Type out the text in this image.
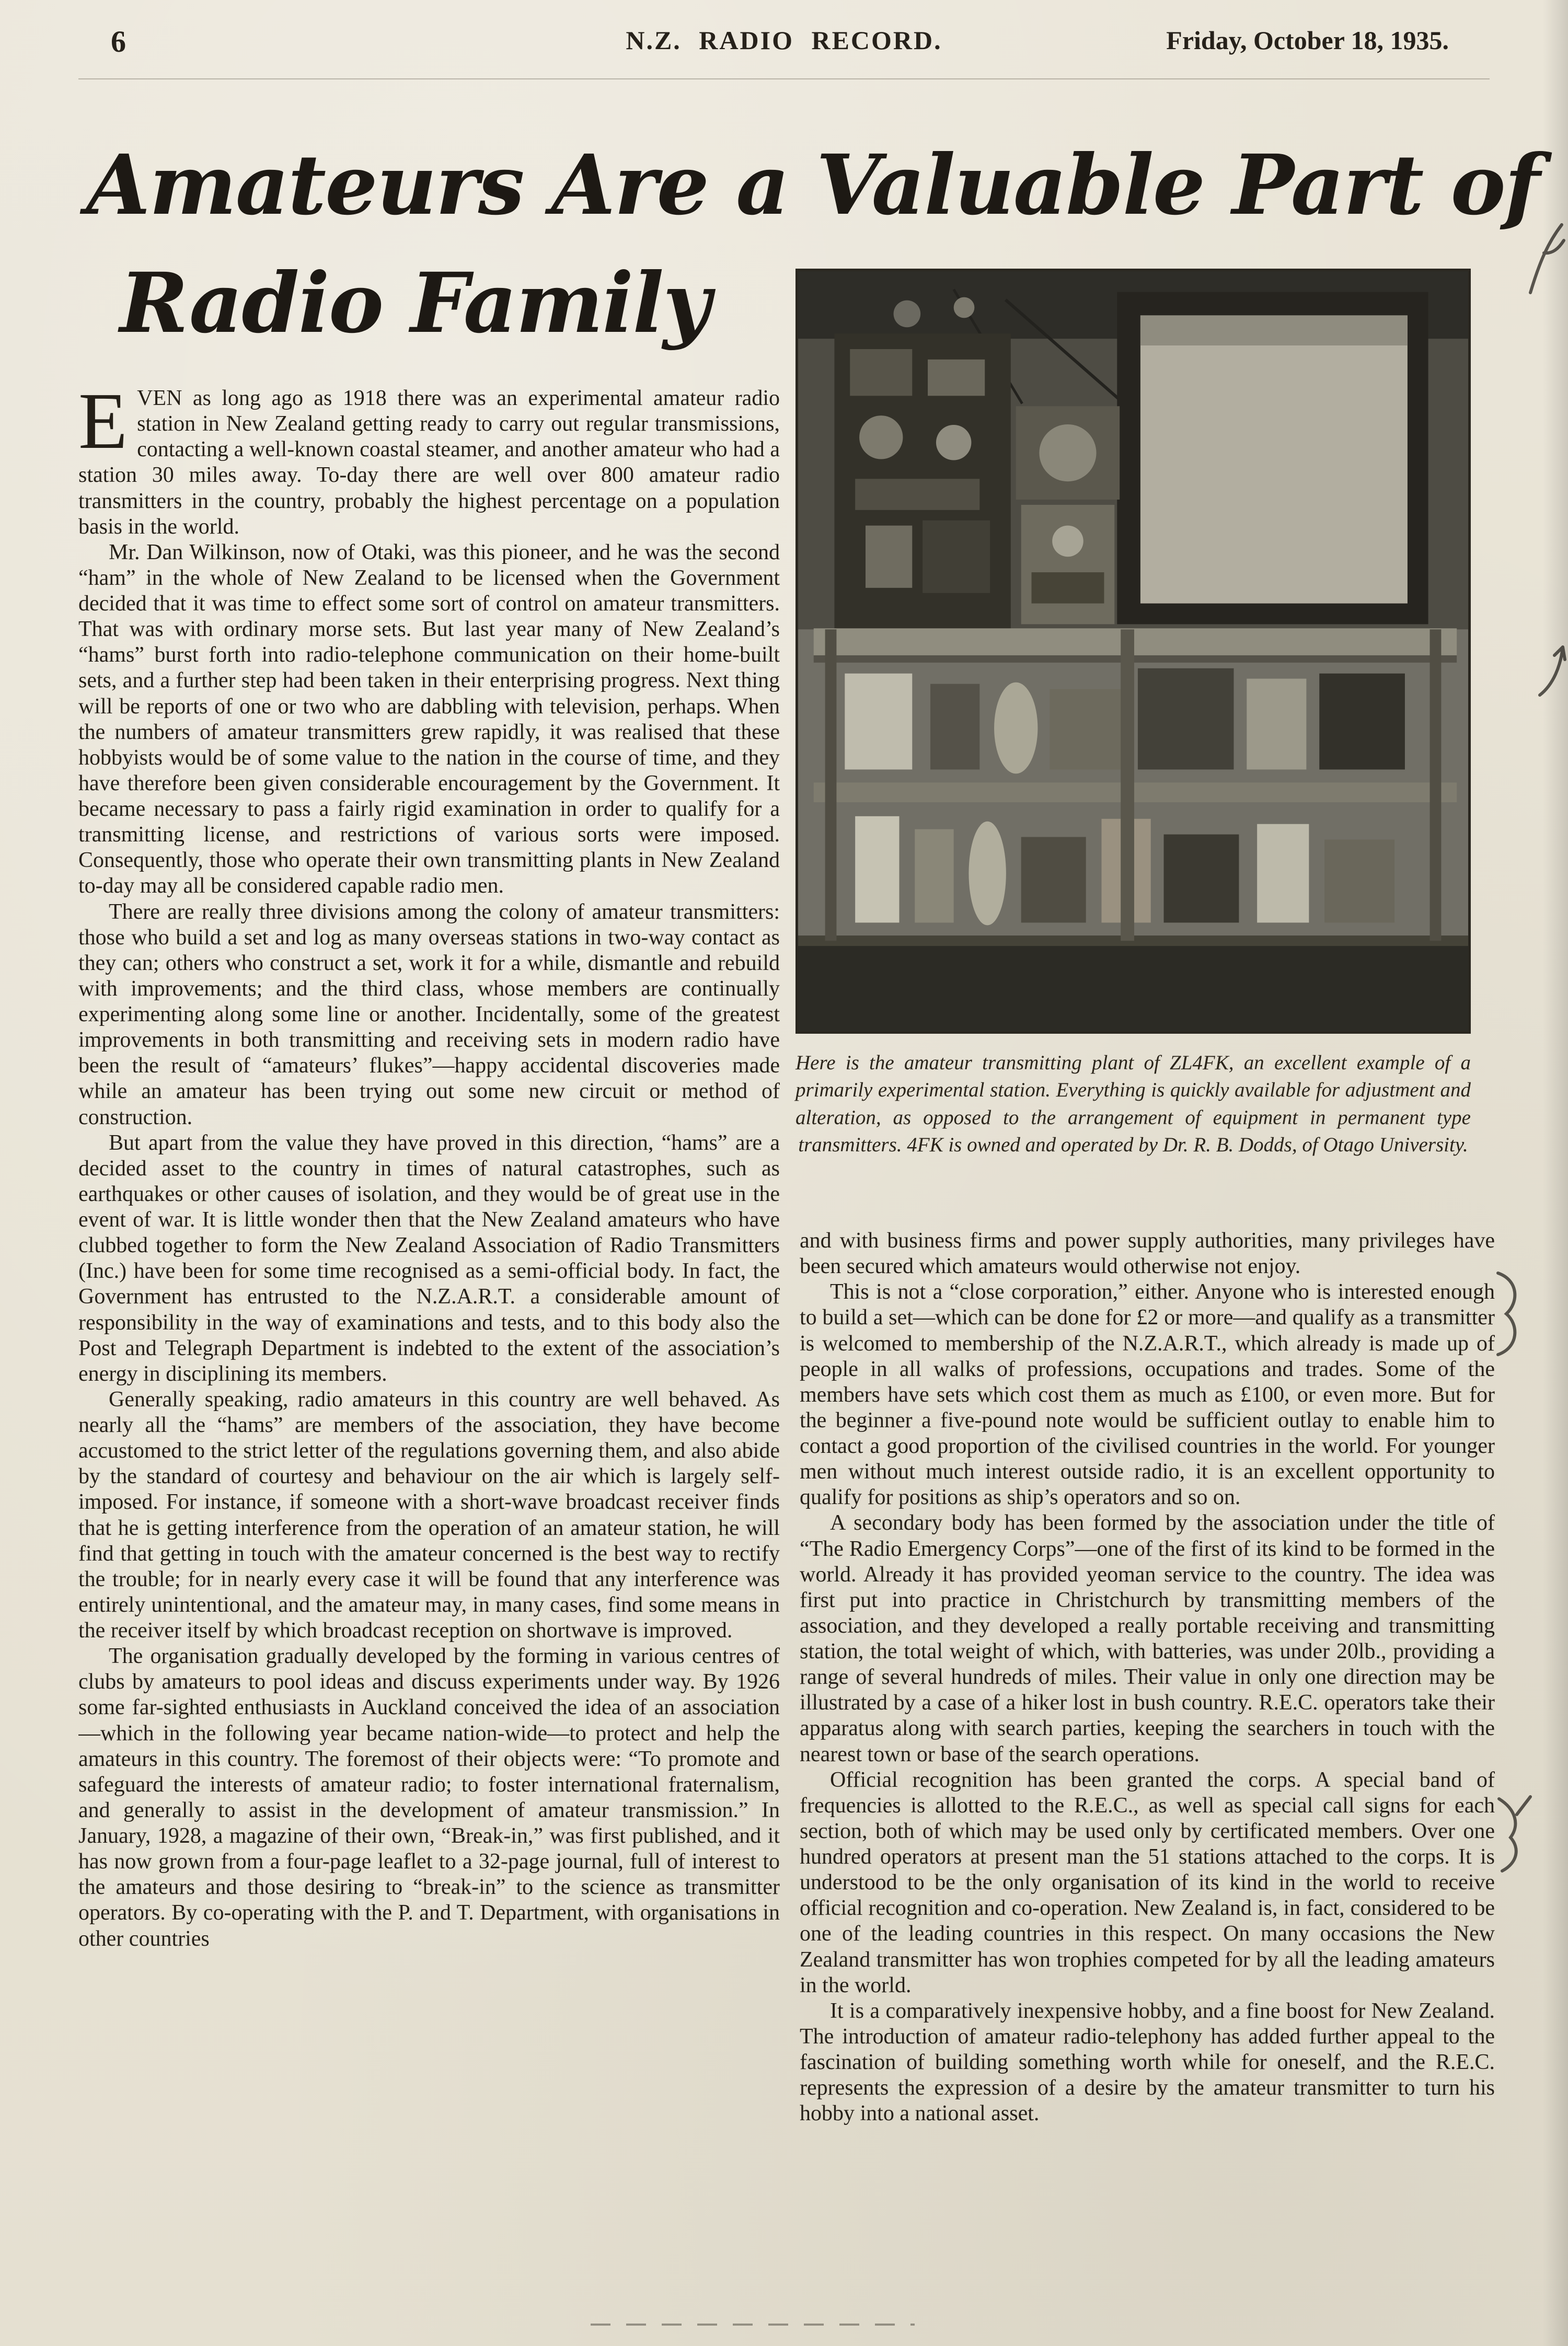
6	N.Z. RADIO RECORD.	Friday, October 18, 1935.
Amateurs Are a Valuable Part of
Radio Family
Here is the amateur transmitting plant of ZL4FK, an excellent example of a primarily experimental station. Everything is quickly available for adjustment and alteration, as opposed to the arrangement of equipment in permanent type transmitters. 4FK is owned and operated by Dr. R. B. Dodds, of Otago University.

EVEN as long ago as 1918 there was an experimental amateur radio station in New Zealand getting ready to carry out regular transmissions, contacting a well-known coastal steamer, and another amateur who had a station 30 miles away. To-day there are well over 800 amateur radio transmitters in the country, probably the highest percentage on a population basis in the world.

Mr. Dan Wilkinson, now of Otaki, was this pioneer, and he was the second “ham” in the whole of New Zealand to be licensed when the Government decided that it was time to effect some sort of control on amateur transmitters. That was with ordinary morse sets. But last year many of New Zealand’s “hams” burst forth into radio-telephone communication on their home-built sets, and a further step had been taken in their enterprising progress. Next thing will be reports of one or two who are dabbling with television, perhaps. When the numbers of amateur transmitters grew rapidly, it was realised that these hobbyists would be of some value to the nation in the course of time, and they have therefore been given considerable encouragement by the Government. It became necessary to pass a fairly rigid examination in order to qualify for a transmitting license, and restrictions of various sorts were imposed. Consequently, those who operate their own transmitting plants in New Zealand to-day may all be considered capable radio men.

There are really three divisions among the colony of amateur transmitters: those who build a set and log as many overseas stations in two-way contact as they can; others who construct a set, work it for a while, dismantle and rebuild with improvements; and the third class, whose members are continually experimenting along some line or another. Incidentally, some of the greatest improvements in both transmitting and receiving sets in modern radio have been the result of “amateurs’ flukes”—happy accidental discoveries made while an amateur has been trying out some new circuit or method of construction.

But apart from the value they have proved in this direction, “hams” are a decided asset to the country in times of natural catastrophes, such as earthquakes or other causes of isolation, and they would be of great use in the event of war. It is little wonder then that the New Zealand amateurs who have clubbed together to form the New Zealand Association of Radio Transmitters (Inc.) have been for some time recognised as a semi-official body. In fact, the Government has entrusted to the N.Z.A.R.T. a considerable amount of responsibility in the way of examinations and tests, and to this body also the Post and Telegraph Department is indebted to the extent of the association’s energy in disciplining its members.

Generally speaking, radio amateurs in this country are well behaved. As nearly all the “hams” are members of the association, they have become accustomed to the strict letter of the regulations governing them, and also abide by the standard of courtesy and behaviour on the air which is largely self-imposed. For instance, if someone with a short-wave broadcast receiver finds that he is getting interference from the operation of an amateur station, he will find that getting in touch with the amateur concerned is the best way to rectify the trouble; for in nearly every case it will be found that any interference was entirely unintentional, and the amateur may, in many cases, find some means in the receiver itself by which broadcast reception on shortwave is improved.

The organisation gradually developed by the forming in various centres of clubs by amateurs to pool ideas and discuss experiments under way. By 1926 some far-sighted enthusiasts in Auckland conceived the idea of an association—which in the following year became nation-wide—to protect and help the amateurs in this country. The foremost of their objects were: “To promote and safeguard the interests of amateur radio; to foster international fraternalism, and generally to assist in the development of amateur transmission.” In January, 1928, a magazine of their own, “Break-in,” was first published, and it has now grown from a four-page leaflet to a 32-page journal, full of interest to the amateurs and those desiring to “break-in” to the science as transmitter operators. By co-operating with the P. and T. Department, with organisations in other countries

and with business firms and power supply authorities, many privileges have been secured which amateurs would otherwise not enjoy.

This is not a “close corporation,” either. Anyone who is interested enough to build a set—which can be done for £2 or more—and qualify as a transmitter is welcomed to membership of the N.Z.A.R.T., which already is made up of people in all walks of professions, occupations and trades. Some of the members have sets which cost them as much as £100, or even more. But for the beginner a five-pound note would be sufficient outlay to enable him to contact a good proportion of the civilised countries in the world. For younger men without much interest outside radio, it is an excellent opportunity to qualify for positions as ship’s operators and so on.

A secondary body has been formed by the association under the title of “The Radio Emergency Corps”—one of the first of its kind to be formed in the world. Already it has provided yeoman service to the country. The idea was first put into practice in Christchurch by transmitting members of the association, and they developed a really portable receiving and transmitting station, the total weight of which, with batteries, was under 20lb., providing a range of several hundreds of miles. Their value in only one direction may be illustrated by a case of a hiker lost in bush country. R.E.C. operators take their apparatus along with search parties, keeping the searchers in touch with the nearest town or base of the search operations.

Official recognition has been granted the corps. A special band of frequencies is allotted to the R.E.C., as well as special call signs for each section, both of which may be used only by certificated members. Over one hundred operators at present man the 51 stations attached to the corps. It is understood to be the only organisation of its kind in the world to receive official recognition and co-operation. New Zealand is, in fact, considered to be one of the leading countries in this respect. On many occasions the New Zealand transmitter has won trophies competed for by all the leading amateurs in the world.

It is a comparatively inexpensive hobby, and a fine boost for New Zealand. The introduction of amateur radio-telephony has added further appeal to the fascination of building something worth while for oneself, and the R.E.C. represents the expression of a desire by the amateur transmitter to turn his hobby into a national asset.
